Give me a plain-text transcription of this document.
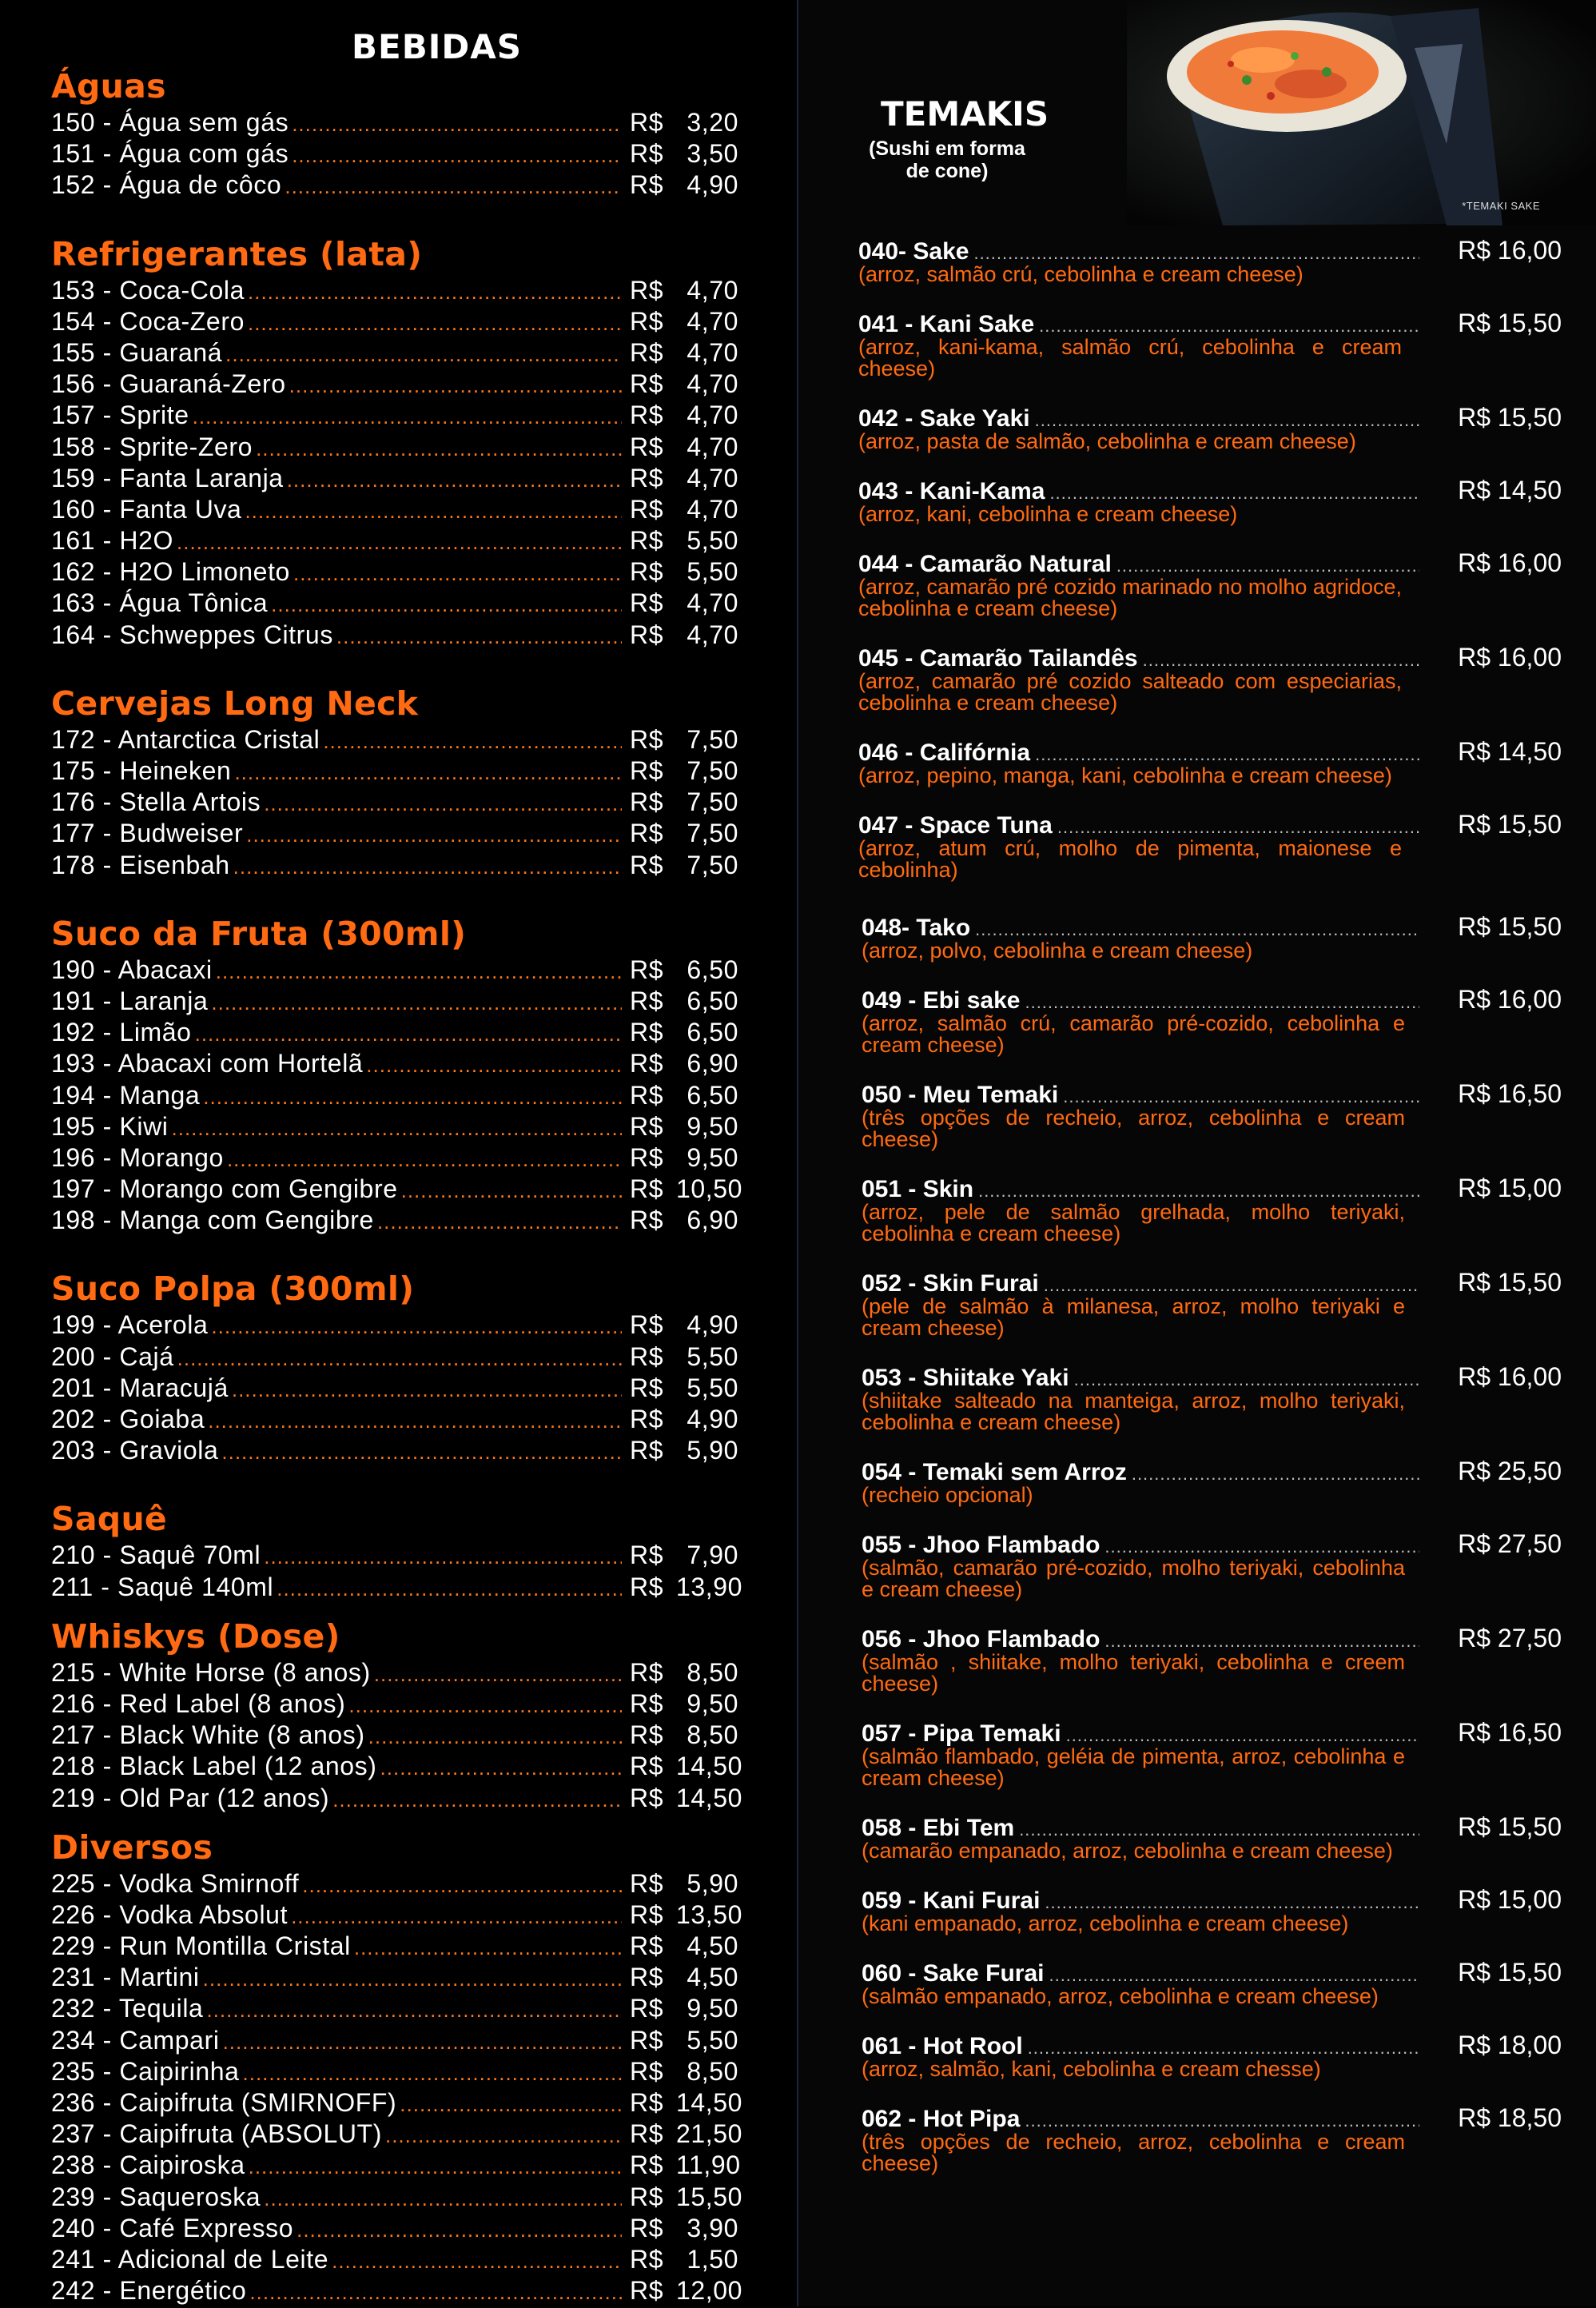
BEBIDAS
Águas
150 - Água sem gás .....	R$ 3,20
151 - Água com gás .....	R$ 3,50
152 - Água de côco .....	R$ 4,90
Refrigerantes (lata)
153 - Coca-Cola .....	R$ 4,70
154 - Coca-Zero .....	R$ 4,70
155 - Guaraná .....	R$ 4,70
156 - Guaraná-Zero .....	R$ 4,70
157 - Sprite .....	R$ 4,70
158 - Sprite-Zero .....	R$ 4,70
159 - Fanta Laranja .....	R$ 4,70
160 - Fanta Uva .....	R$ 4,70
161 - H2O .....	R$ 5,50
162 - H2O Limoneto .....	R$ 5,50
163 - Água Tônica .....	R$ 4,70
164 - Schweppes Citrus .....	R$ 4,70
Cervejas Long Neck
172 - Antarctica Cristal .....	R$ 7,50
175 - Heineken .....	R$ 7,50
176 - Stella Artois .....	R$ 7,50
177 - Budweiser .....	R$ 7,50
178 - Eisenbah .....	R$ 7,50
Suco da Fruta (300ml)
190 - Abacaxi .....	R$ 6,50
191 - Laranja .....	R$ 6,50
192 - Limão .....	R$ 6,50
193 - Abacaxi com Hortelã .....	R$ 6,90
194 - Manga .....	R$ 6,50
195 - Kiwi .....	R$ 9,50
196 - Morango .....	R$ 9,50
197 - Morango com Gengibre .....	R$ 10,50
198 - Manga com Gengibre .....	R$ 6,90
Suco Polpa (300ml)
199 - Acerola .....	R$ 4,90
200 - Cajá .....	R$ 5,50
201 - Maracujá .....	R$ 5,50
202 - Goiaba .....	R$ 4,90
203 - Graviola .....	R$ 5,90
Saquê
210 - Saquê 70ml .....	R$ 7,90
211 - Saquê 140ml .....	R$ 13,90
Whiskys (Dose)
215 - White Horse (8 anos) .....	R$ 8,50
216 - Red Label (8 anos) .....	R$ 9,50
217 - Black White (8 anos) .....	R$ 8,50
218 - Black Label (12 anos) .....	R$ 14,50
219 - Old Par (12 anos) .....	R$ 14,50
Diversos
225 - Vodka Smirnoff .....	R$ 5,90
226 - Vodka Absolut .....	R$ 13,50
229 - Run Montilla Cristal .....	R$ 4,50
231 - Martini .....	R$ 4,50
232 - Tequila .....	R$ 9,50
234 - Campari .....	R$ 5,50
235 - Caipirinha .....	R$ 8,50
236 - Caipifruta (SMIRNOFF) .....	R$ 14,50
237 - Caipifruta (ABSOLUT) .....	R$ 21,50
238 - Caipiroska .....	R$ 11,90
239 - Saqueroska .....	R$ 15,50
240 - Café Expresso .....	R$ 3,90
241 - Adicional de Leite .....	R$ 1,50
242 - Energético .....	R$ 12,00
*TEMAKI SAKE
TEMAKIS
(Sushi em forma de cone)
040- Sake .....	R$ 16,00
(arroz, salmão crú, cebolinha e cream cheese)
041 - Kani Sake .....	R$ 15,50
(arroz, kani-kama, salmão crú, cebolinha e cream cheese)
042 - Sake Yaki .....	R$ 15,50
(arroz, pasta de salmão, cebolinha e cream cheese)
043 - Kani-Kama .....	R$ 14,50
(arroz, kani, cebolinha e cream cheese)
044 - Camarão Natural .....	R$ 16,00
(arroz, camarão pré cozido marinado no molho agridoce, cebolinha e cream cheese)
045 - Camarão Tailandês .....	R$ 16,00
(arroz, camarão pré cozido salteado com especiarias, cebolinha e cream cheese)
046 - Califórnia .....	R$ 14,50
(arroz, pepino, manga, kani, cebolinha e cream cheese)
047 - Space Tuna .....	R$ 15,50
(arroz, atum crú, molho de pimenta, maionese e cebolinha)
048- Tako .....	R$ 15,50
(arroz, polvo, cebolinha e cream cheese)
049 - Ebi sake .....	R$ 16,00
(arroz, salmão crú, camarão pré-cozido, cebolinha e cream cheese)
050 - Meu Temaki .....	R$ 16,50
(três opções de recheio, arroz, cebolinha e cream cheese)
051 - Skin .....	R$ 15,00
(arroz, pele de salmão grelhada, molho teriyaki, cebolinha e cream cheese)
052 - Skin Furai .....	R$ 15,50
(pele de salmão à milanesa, arroz, molho teriyaki e cream cheese)
053 - Shiitake Yaki .....	R$ 16,00
(shiitake salteado na manteiga, arroz, molho teriyaki, cebolinha e cream cheese)
054 - Temaki sem Arroz .....	R$ 25,50
(recheio opcional)
055 - Jhoo Flambado .....	R$ 27,50
(salmão, camarão pré-cozido, molho teriyaki, cebolinha e cream cheese)
056 - Jhoo Flambado .....	R$ 27,50
(salmão , shiitake, molho teriyaki, cebolinha e creem cheese)
057 - Pipa Temaki .....	R$ 16,50
(salmão flambado, geléia de pimenta, arroz, cebolinha e cream cheese)
058 - Ebi Tem .....	R$ 15,50
(camarão empanado, arroz, cebolinha e cream cheese)
059 - Kani Furai .....	R$ 15,00
(kani empanado, arroz, cebolinha e cream cheese)
060 - Sake Furai .....	R$ 15,50
(salmão empanado, arroz, cebolinha e cream cheese)
061 - Hot Rool .....	R$ 18,00
(arroz, salmão, kani, cebolinha e cream chesse)
062 - Hot Pipa .....	R$ 18,50
(três opções de recheio, arroz, cebolinha e cream cheese)
